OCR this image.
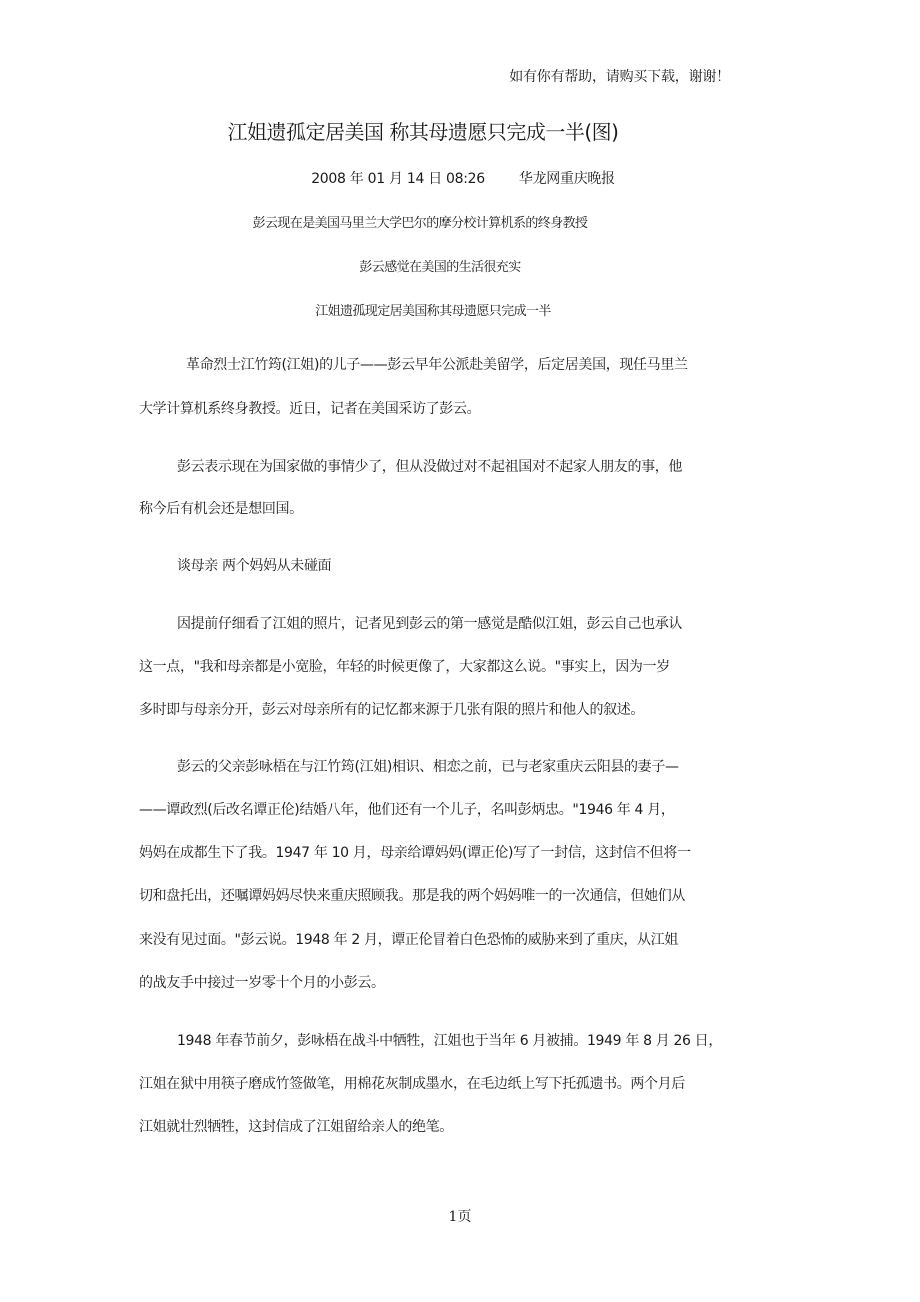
如有你有帮助，请购买下载，谢谢！
江姐遗孤定居美国 称其母遗愿只完成一半(图)
2008 年 01 月 14 日 08:26 华龙网重庆晚报
彭云现在是美国马里兰大学巴尔的摩分校计算机系的终身教授
彭云感觉在美国的生活很充实
江姐遗孤现定居美国称其母遗愿只完成一半
革命烈士江竹筠(江姐)的儿子——彭云早年公派赴美留学，后定居美国，现任马里兰
大学计算机系终身教授。近日，记者在美国采访了彭云。
彭云表示现在为国家做的事情少了，但从没做过对不起祖国对不起家人朋友的事，他
称今后有机会还是想回国。
谈母亲 两个妈妈从未碰面
因提前仔细看了江姐的照片，记者见到彭云的第一感觉是酷似江姐，彭云自己也承认
这一点，"我和母亲都是小宽脸，年轻的时候更像了，大家都这么说。"事实上，因为一岁
多时即与母亲分开，彭云对母亲所有的记忆都来源于几张有限的照片和他人的叙述。
彭云的父亲彭咏梧在与江竹筠(江姐)相识、相恋之前，已与老家重庆云阳县的妻子—
——谭政烈(后改名谭正伦)结婚八年，他们还有一个儿子，名叫彭炳忠。"1946 年 4 月，
妈妈在成都生下了我。1947 年 10 月，母亲给谭妈妈(谭正伦)写了一封信，这封信不但将一
切和盘托出，还嘱谭妈妈尽快来重庆照顾我。那是我的两个妈妈唯一的一次通信，但她们从
来没有见过面。"彭云说。1948 年 2 月，谭正伦冒着白色恐怖的威胁来到了重庆，从江姐
的战友手中接过一岁零十个月的小彭云。
1948 年春节前夕，彭咏梧在战斗中牺牲，江姐也于当年 6 月被捕。1949 年 8 月 26 日，
江姐在狱中用筷子磨成竹签做笔，用棉花灰制成墨水，在毛边纸上写下托孤遗书。两个月后
江姐就壮烈牺牲，这封信成了江姐留给亲人的绝笔。
1页
